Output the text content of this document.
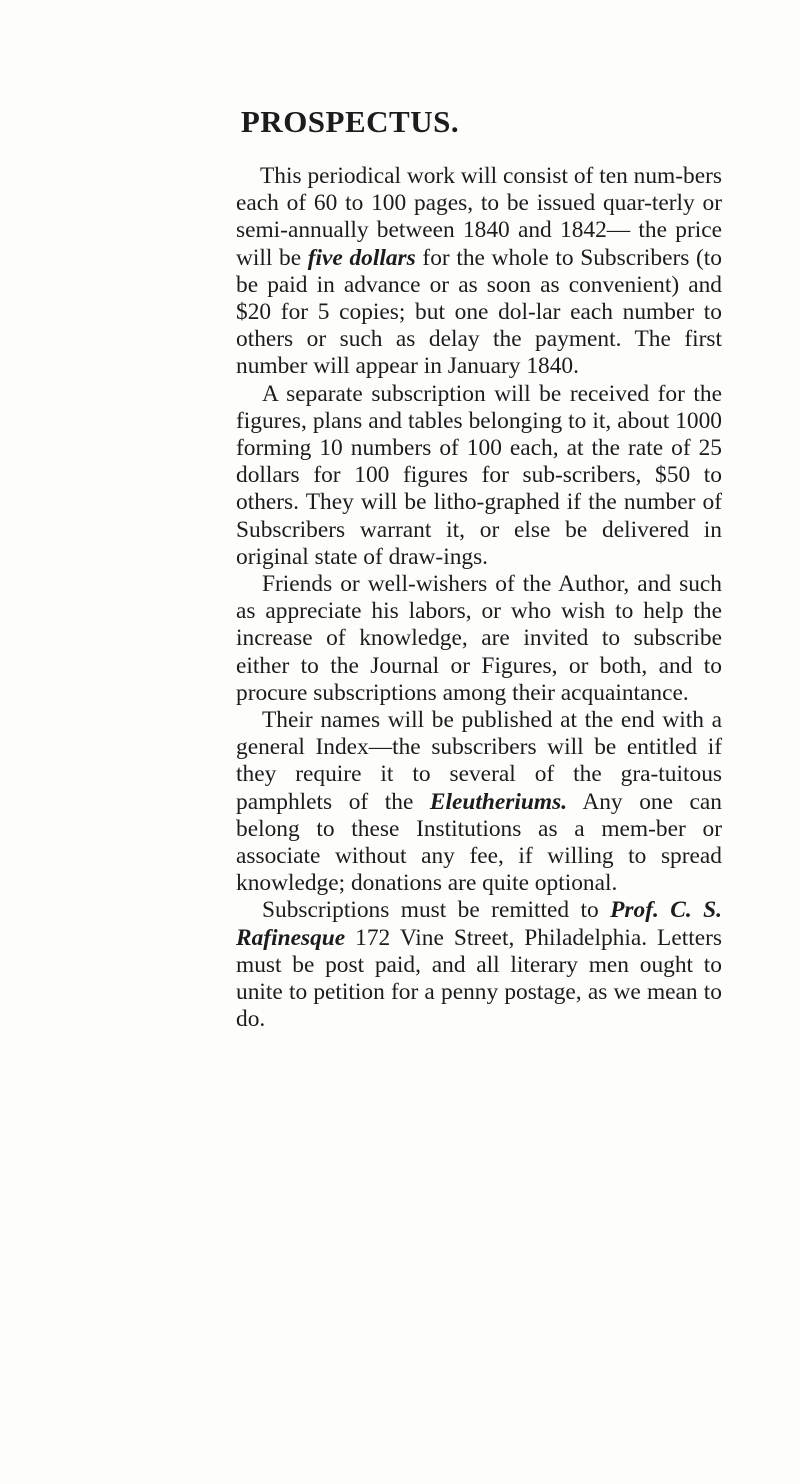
PROSPECTUS.

This periodical work will consist of ten num-bers each of 60 to 100 pages, to be issued quar-terly or semi-annually between 1840 and 1842— the price will be five dollars for the whole to Subscribers (to be paid in advance or as soon as convenient) and $20 for 5 copies; but one dol-lar each number to others or such as delay the payment. The first number will appear in January 1840.

A separate subscription will be received for the figures, plans and tables belonging to it, about 1000 forming 10 numbers of 100 each, at the rate of 25 dollars for 100 figures for sub-scribers, $50 to others. They will be litho-graphed if the number of Subscribers warrant it, or else be delivered in original state of draw-ings.

Friends or well-wishers of the Author, and such as appreciate his labors, or who wish to help the increase of knowledge, are invited to subscribe either to the Journal or Figures, or both, and to procure subscriptions among their acquaintance.

Their names will be published at the end with a general Index—the subscribers will be entitled if they require it to several of the gra-tuitous pamphlets of the Eleutheriums. Any one can belong to these Institutions as a mem-ber or associate without any fee, if willing to spread knowledge; donations are quite optional.

Subscriptions must be remitted to Prof. C. S. Rafinesque 172 Vine Street, Philadelphia. Letters must be post paid, and all literary men ought to unite to petition for a penny postage, as we mean to do.
